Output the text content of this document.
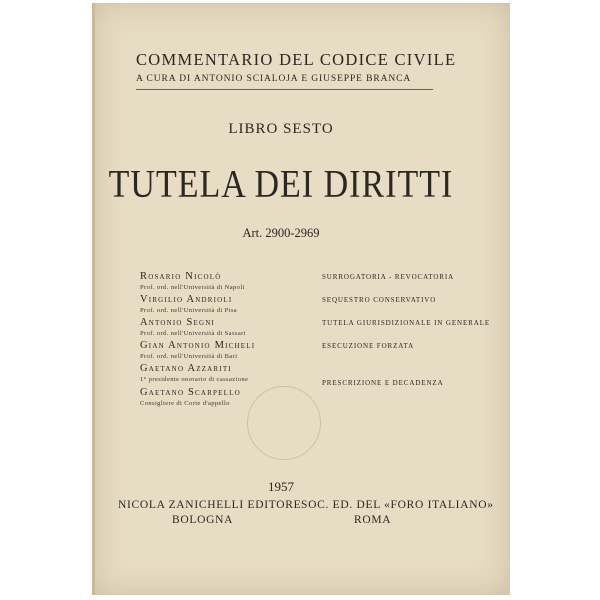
COMMENTARIO DEL CODICE CIVILE
A CURA DI ANTONIO SCIALOJA E GIUSEPPE BRANCA
LIBRO SESTO
TUTELA DEI DIRITTI
Art. 2900-2969
Rosario Nicolò
Prof. ord. nell'Università di Napoli
SURROGATORIA - REVOCATORIA
Virgilio Andrioli
Prof. ord. nell'Università di Pisa
SEQUESTRO CONSERVATIVO
Antonio Segni
Prof. ord. nell'Università di Sassari
TUTELA GIURISDIZIONALE IN GENERALE
Gian Antonio Micheli
Prof. ord. nell'Università di Bari
ESECUZIONE FORZATA
Gaetano Azzariti
1° presidente onorario di cassazione	PRESCRIZIONE E DECADENZA
Gaetano Scarpello
Consigliere di Corte d'appello
1957
NICOLA ZANICHELLI EDITORE
BOLOGNA
SOC. ED. DEL «FORO ITALIANO»
ROMA
